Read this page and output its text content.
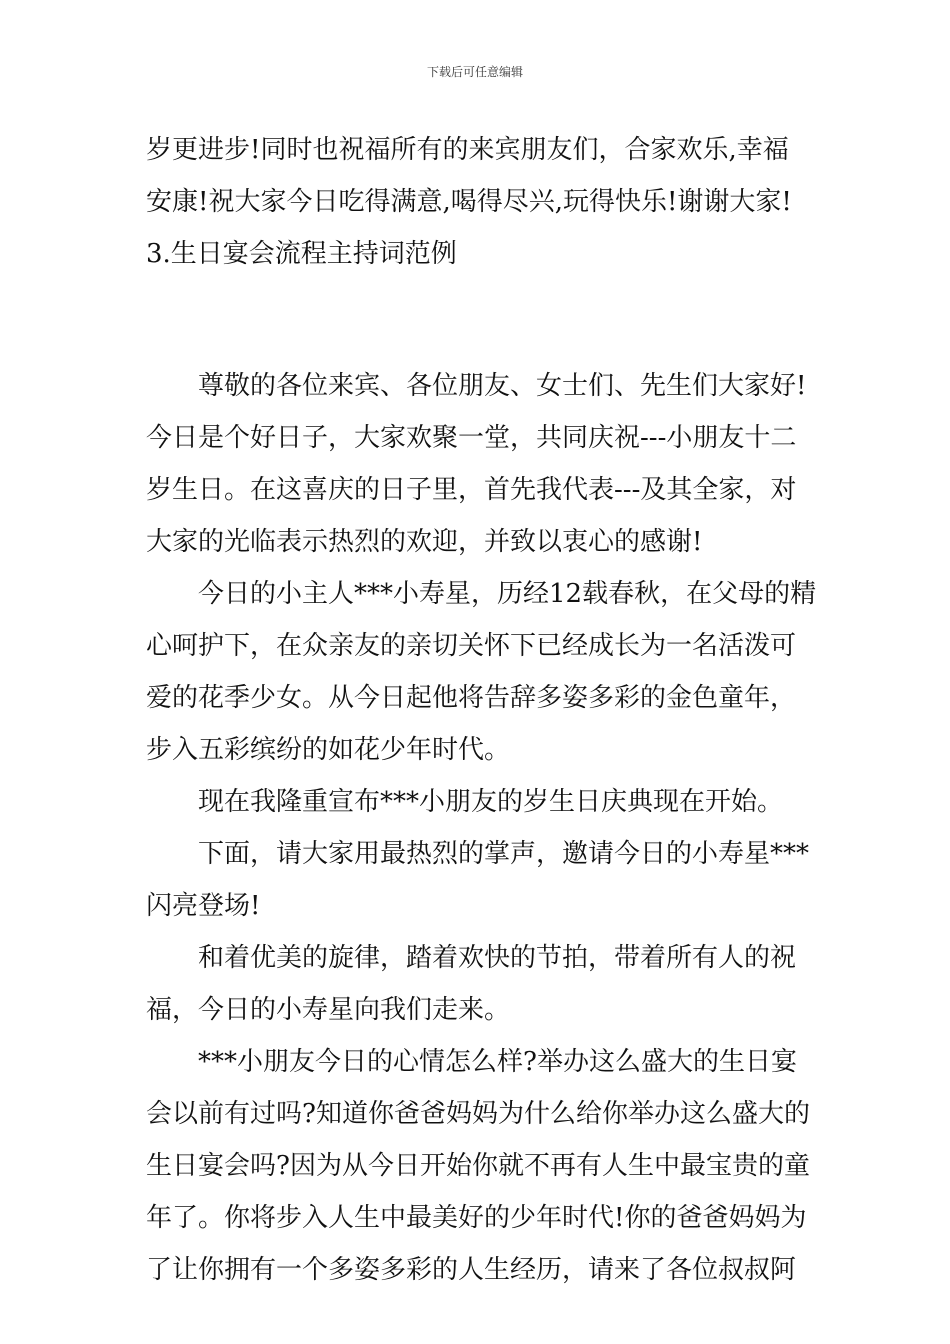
下载后可任意编辑
岁更进步!同时也祝福所有的来宾朋友们，合家欢乐,幸福
安康!祝大家今日吃得满意,喝得尽兴,玩得快乐!谢谢大家!
3.生日宴会流程主持词范例
尊敬的各位来宾、各位朋友、女士们、先生们大家好!
今日是个好日子，大家欢聚一堂，共同庆祝---小朋友十二
岁生日。在这喜庆的日子里，首先我代表---及其全家，对
大家的光临表示热烈的欢迎，并致以衷心的感谢!
今日的小主人***小寿星，历经12载春秋，在父母的精
心呵护下，在众亲友的亲切关怀下已经成长为一名活泼可
爱的花季少女。从今日起他将告辞多姿多彩的金色童年，
步入五彩缤纷的如花少年时代。
现在我隆重宣布***小朋友的岁生日庆典现在开始。
下面，请大家用最热烈的掌声，邀请今日的小寿星***
闪亮登场!
和着优美的旋律，踏着欢快的节拍，带着所有人的祝
福，今日的小寿星向我们走来。
***小朋友今日的心情怎么样?举办这么盛大的生日宴
会以前有过吗?知道你爸爸妈妈为什么给你举办这么盛大的
生日宴会吗?因为从今日开始你就不再有人生中最宝贵的童
年了。你将步入人生中最美好的少年时代!你的爸爸妈妈为
了让你拥有一个多姿多彩的人生经历，请来了各位叔叔阿
